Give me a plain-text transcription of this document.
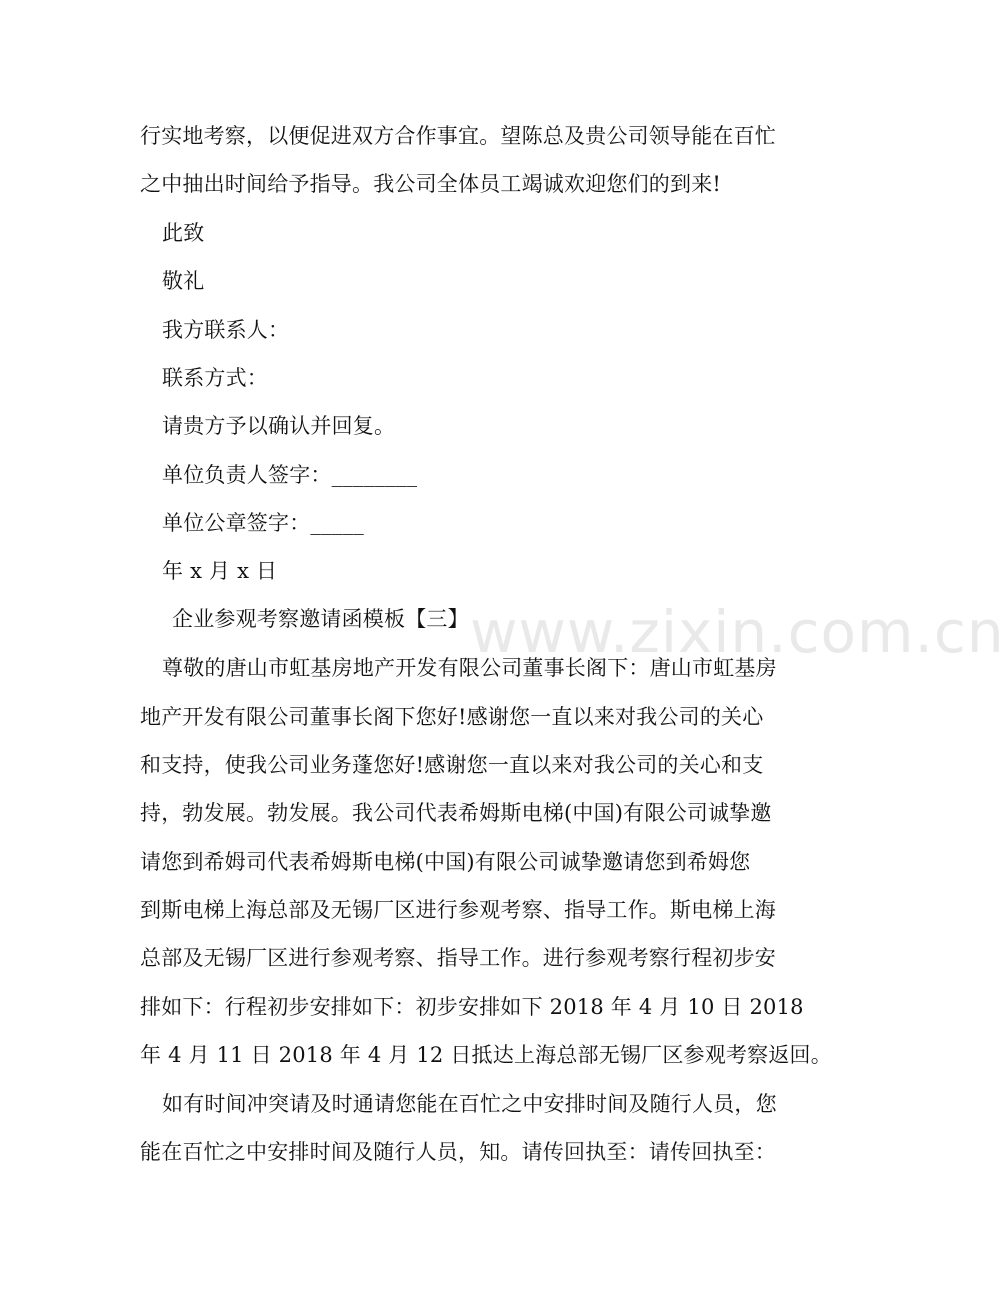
www.zixin.com.cn
行实地考察，以便促进双方合作事宜。望陈总及贵公司领导能在百忙
之中抽出时间给予指导。我公司全体员工竭诚欢迎您们的到来!
此致
敬礼
我方联系人：
联系方式：
请贵方予以确认并回复。
单位负责人签字：________
单位公章签字：_____
年 x 月 x 日
企业参观考察邀请函模板【三】
尊敬的唐山市虹基房地产开发有限公司董事长阁下：唐山市虹基房
地产开发有限公司董事长阁下您好!感谢您一直以来对我公司的关心
和支持，使我公司业务蓬您好!感谢您一直以来对我公司的关心和支
持，勃发展。勃发展。我公司代表希姆斯电梯(中国)有限公司诚挚邀
请您到希姆司代表希姆斯电梯(中国)有限公司诚挚邀请您到希姆您
到斯电梯上海总部及无锡厂区进行参观考察、指导工作。斯电梯上海
总部及无锡厂区进行参观考察、指导工作。进行参观考察行程初步安
排如下：行程初步安排如下：初步安排如下 2018 年 4 月 10 日 2018
年 4 月 11 日 2018 年 4 月 12 日抵达上海总部无锡厂区参观考察返回。
如有时间冲突请及时通请您能在百忙之中安排时间及随行人员，您
能在百忙之中安排时间及随行人员，知。请传回执至：请传回执至：
